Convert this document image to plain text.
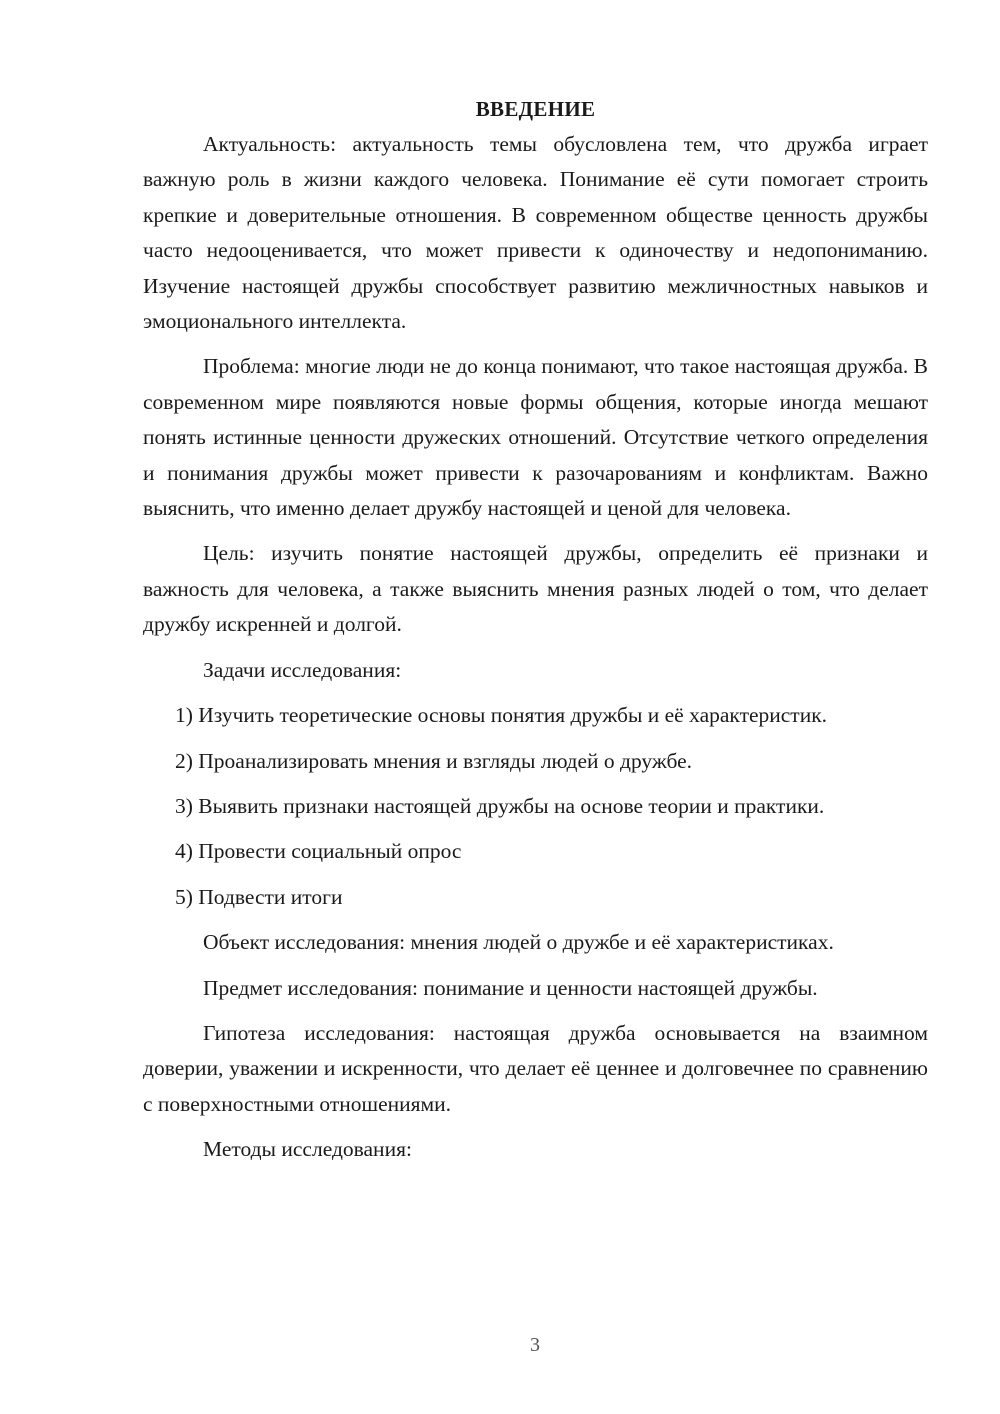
ВВЕДЕНИЕ

Актуальность: актуальность темы обусловлена тем, что дружба играет важную роль в жизни каждого человека. Понимание её сути помогает строить крепкие и доверительные отношения. В современном обществе ценность дружбы часто недооценивается, что может привести к одиночеству и недопониманию. Изучение настоящей дружбы способствует развитию межличностных навыков и эмоционального интеллекта.

Проблема: многие люди не до конца понимают, что такое настоящая дружба. В современном мире появляются новые формы общения, которые иногда мешают понять истинные ценности дружеских отношений. Отсутствие четкого определения и понимания дружбы может привести к разочарованиям и конфликтам. Важно выяснить, что именно делает дружбу настоящей и ценой для человека.

Цель: изучить понятие настоящей дружбы, определить её признаки и важность для человека, а также выяснить мнения разных людей о том, что делает дружбу искренней и долгой.

Задачи исследования:

1) Изучить теоретические основы понятия дружбы и её характеристик.
2) Проанализировать мнения и взгляды людей о дружбе.
3) Выявить признаки настоящей дружбы на основе теории и практики.
4) Провести социальный опрос
5) Подвести итоги

Объект исследования: мнения людей о дружбе и её характеристиках.

Предмет исследования: понимание и ценности настоящей дружбы.

Гипотеза исследования: настоящая дружба основывается на взаимном доверии, уважении и искренности, что делает её ценнее и долговечнее по сравнению с поверхностными отношениями.

Методы исследования:

3
